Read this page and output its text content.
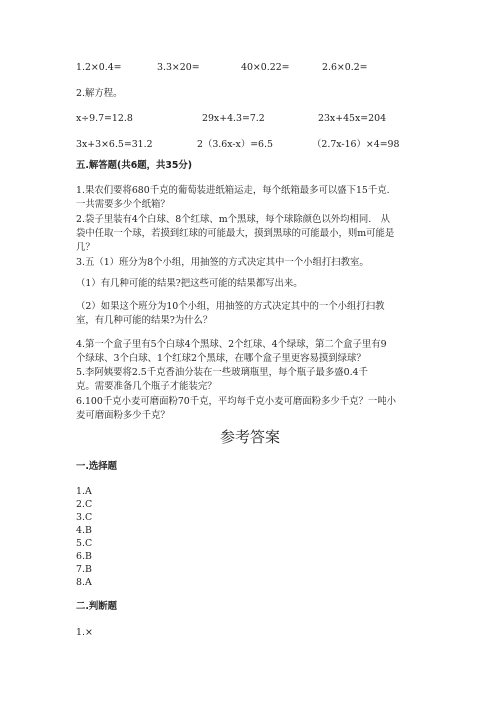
1.2×0.4=	3.3×20=	40×0.22=	2.6×0.2=
2.解方程。
x÷9.7=12.8	29x+4.3=7.2	23x+45x=204
3x+3×6.5=31.2	2（3.6x-x）=6.5	（2.7x-16）×4=98
五.解答题(共6题，共35分)
1.果农们要将680千克的葡萄装进纸箱运走，每个纸箱最多可以盛下15千克.
一共需要多少个纸箱？
2.袋子里装有4个白球、8个红球、m个黑球，每个球除颜色以外均相同.　从
袋中任取一个球，若摸到红球的可能最大，摸到黑球的可能最小，则m可能是
几？
3.五（1）班分为8个小组，用抽签的方式决定其中一个小组打扫教室。
（1）有几种可能的结果?把这些可能的结果都写出来。
（2）如果这个班分为10个小组，用抽签的方式决定其中的一个小组打扫教
室，有几种可能的结果?为什么？
4.第一个盒子里有5个白球4个黑球、2个红球、4个绿球，第二个盒子里有9
个绿球、3个白球、1个红球2个黑球，在哪个盒子里更容易摸到绿球？
5.李阿姨要将2.5千克香油分装在一些玻璃瓶里，每个瓶子最多盛0.4千
克。需要准备几个瓶子才能装完？
6.100千克小麦可磨面粉70千克，平均每千克小麦可磨面粉多少千克？一吨小
麦可磨面粉多少千克？
参考答案
一.选择题
1.A
2.C
3.C
4.B
5.C
6.B
7.B
8.A
二.判断题
1.×
